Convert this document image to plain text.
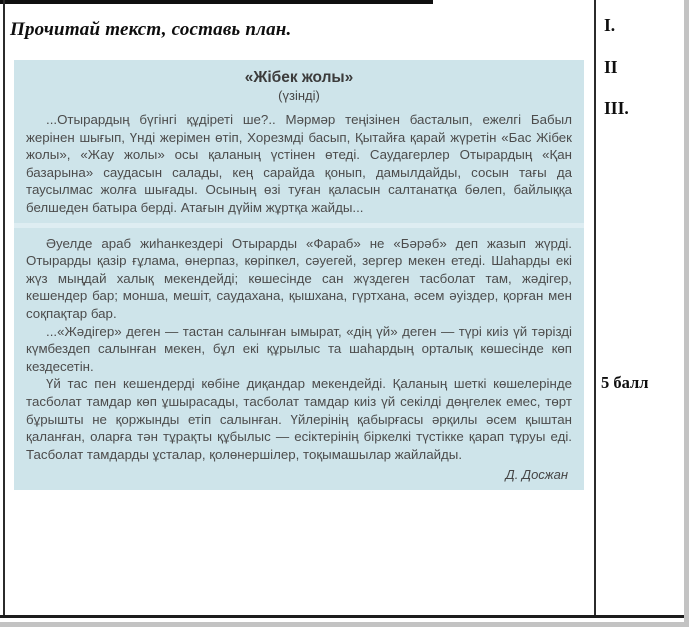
Прочитай текст, составь план.
«Жібек жолы»
(үзінді)

...Отырардың бүгінгі құдіреті ше?.. Мәрмәр теңізінен басталып, ежелгі Бабыл жерінен шығып, Үнді жерімен өтіп, Хорезмді басып, Қытайға қарай жүретін «Бас Жібек жолы», «Жау жолы» осы қаланың үстінен өтеді. Саудагерлер Отырардың «Қан базарына» саудасын салады, кең сарайда қонып, дамылдайды, сосын тағы да таусылмас жолға шығады. Осының өзі туған қаласын салтанатқа бөлеп, байлыққа белшеден батыра берді. Атағын дүйім жұртқа жайды...

Әуелде араб жиһанкездері Отырарды «Фараб» не «Бәрәб» деп жазып жүрді. Отырарды қазір ғұлама, өнерпаз, көріпкел, сәуегей, зергер мекен етеді. Шаһарды екі жүз мыңдай халық мекендейді; көшесінде сан жүздеген тасболат там, жәдігер, кешендер бар; монша, мешіт, саудахана, қышхана, гүртхана, әсем әуіздер, қорған мен соқпақтар бар.

...«Жәдігер» деген — тастан салынған ымырат, «дің үй» деген — түрі киіз үй тәрізді күмбездеп салынған мекен, бұл екі құрылыс та шаһардың орталық көшесінде көп кездесетін.

Үй тас пен кешендерді көбіне диқандар мекендейді. Қаланың шеткі көшелерінде тасболат тамдар көп ұшырасады, тасболат тамдар киіз үй секілді дөңгелек емес, төрт бұрышты не қоржынды етіп салынған. Үйлерінің қабырғасы әрқилы әсем қыштан қаланған, оларға тән тұрақты құбылыс — есіктерінің біркелкі түстікке қарап тұруы еді. Тасболат тамдарды ұсталар, қолөнершілер, тоқымашылар жайлайды.

Д. Досжан
I.
II
III.
5 балл
